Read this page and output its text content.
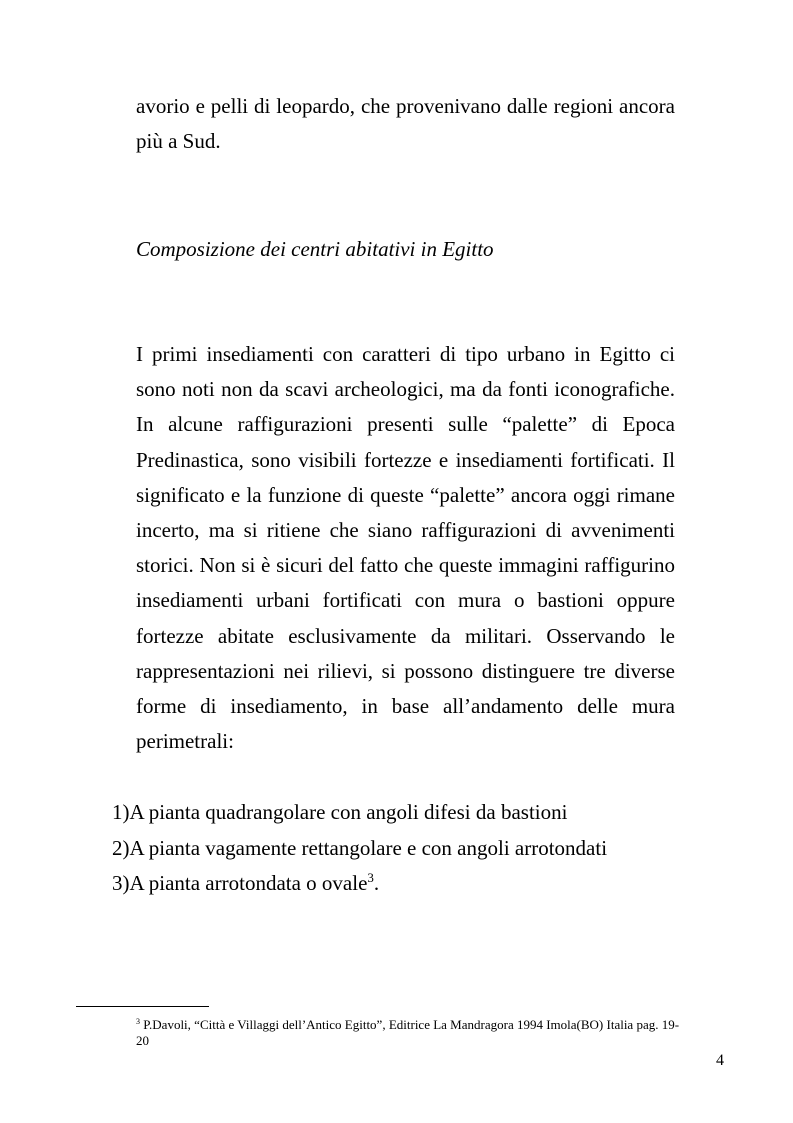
avorio e pelli di leopardo, che provenivano dalle regioni ancora più a Sud.

Composizione dei centri abitativi in Egitto

I primi insediamenti con caratteri di tipo urbano in Egitto ci sono noti non da scavi archeologici, ma da fonti iconografiche. In alcune raffigurazioni presenti sulle “palette” di Epoca Predinastica, sono visibili fortezze e insediamenti fortificati. Il significato e la funzione di queste “palette” ancora oggi rimane incerto, ma si ritiene che siano raffigurazioni di avvenimenti storici. Non si è sicuri del fatto che queste immagini raffigurino insediamenti urbani fortificati con mura o bastioni oppure fortezze abitate esclusivamente da militari. Osservando le rappresentazioni nei rilievi, si possono distinguere tre diverse forme di insediamento, in base all’andamento delle mura perimetrali:

1)A pianta quadrangolare con angoli difesi da bastioni
2)A pianta vagamente rettangolare e con angoli arrotondati
3)A pianta arrotondata o ovale$^3$.

$^3$ P.Davoli, “Città e Villaggi dell’Antico Egitto”, Editrice La Mandragora 1994 Imola(BO) Italia pag. 19-20

4
